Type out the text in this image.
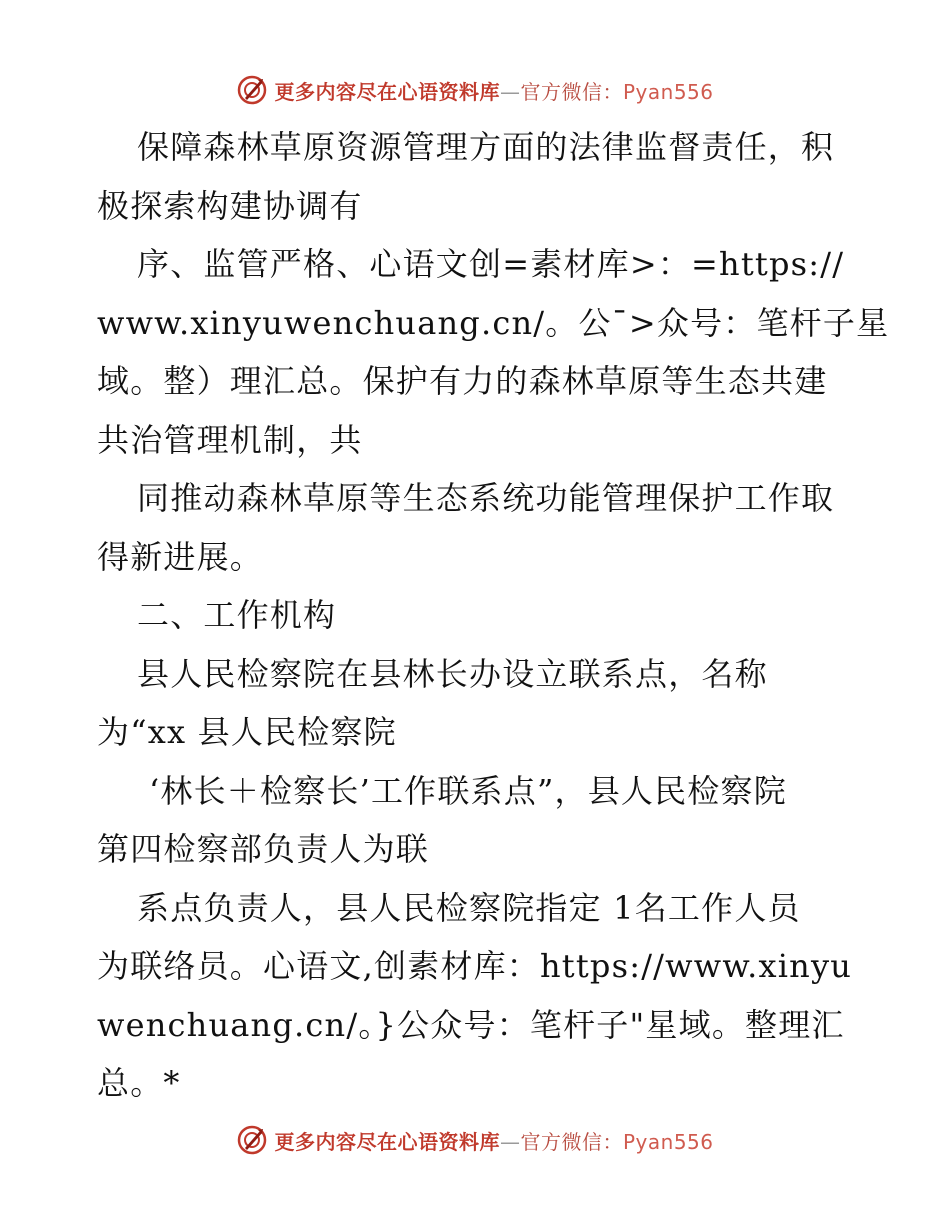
更多内容尽在心语资料库—官方微信：Pyan556
保障森林草原资源管理方面的法律监督责任，积
极探索构建协调有
序、监管严格、心语文创=素材库>：=https://
www.xinyuwenchuang.cn/。公¯>众号：笔杆子星
域。整）理汇总。保护有力的森林草原等生态共建
共治管理机制，共
同推动森林草原等生态系统功能管理保护工作取
得新进展。
二、工作机构
县人民检察院在县林长办设立联系点，名称
为“xx 县人民检察院
‘林长＋检察长’工作联系点”，县人民检察院
第四检察部负责人为联
系点负责人，县人民检察院指定 1名工作人员
为联络员。心语文,创素材库：https://www.xinyu
wenchuang.cn/。}公众号：笔杆子"星域。整理汇
总。*
更多内容尽在心语资料库—官方微信：Pyan556
